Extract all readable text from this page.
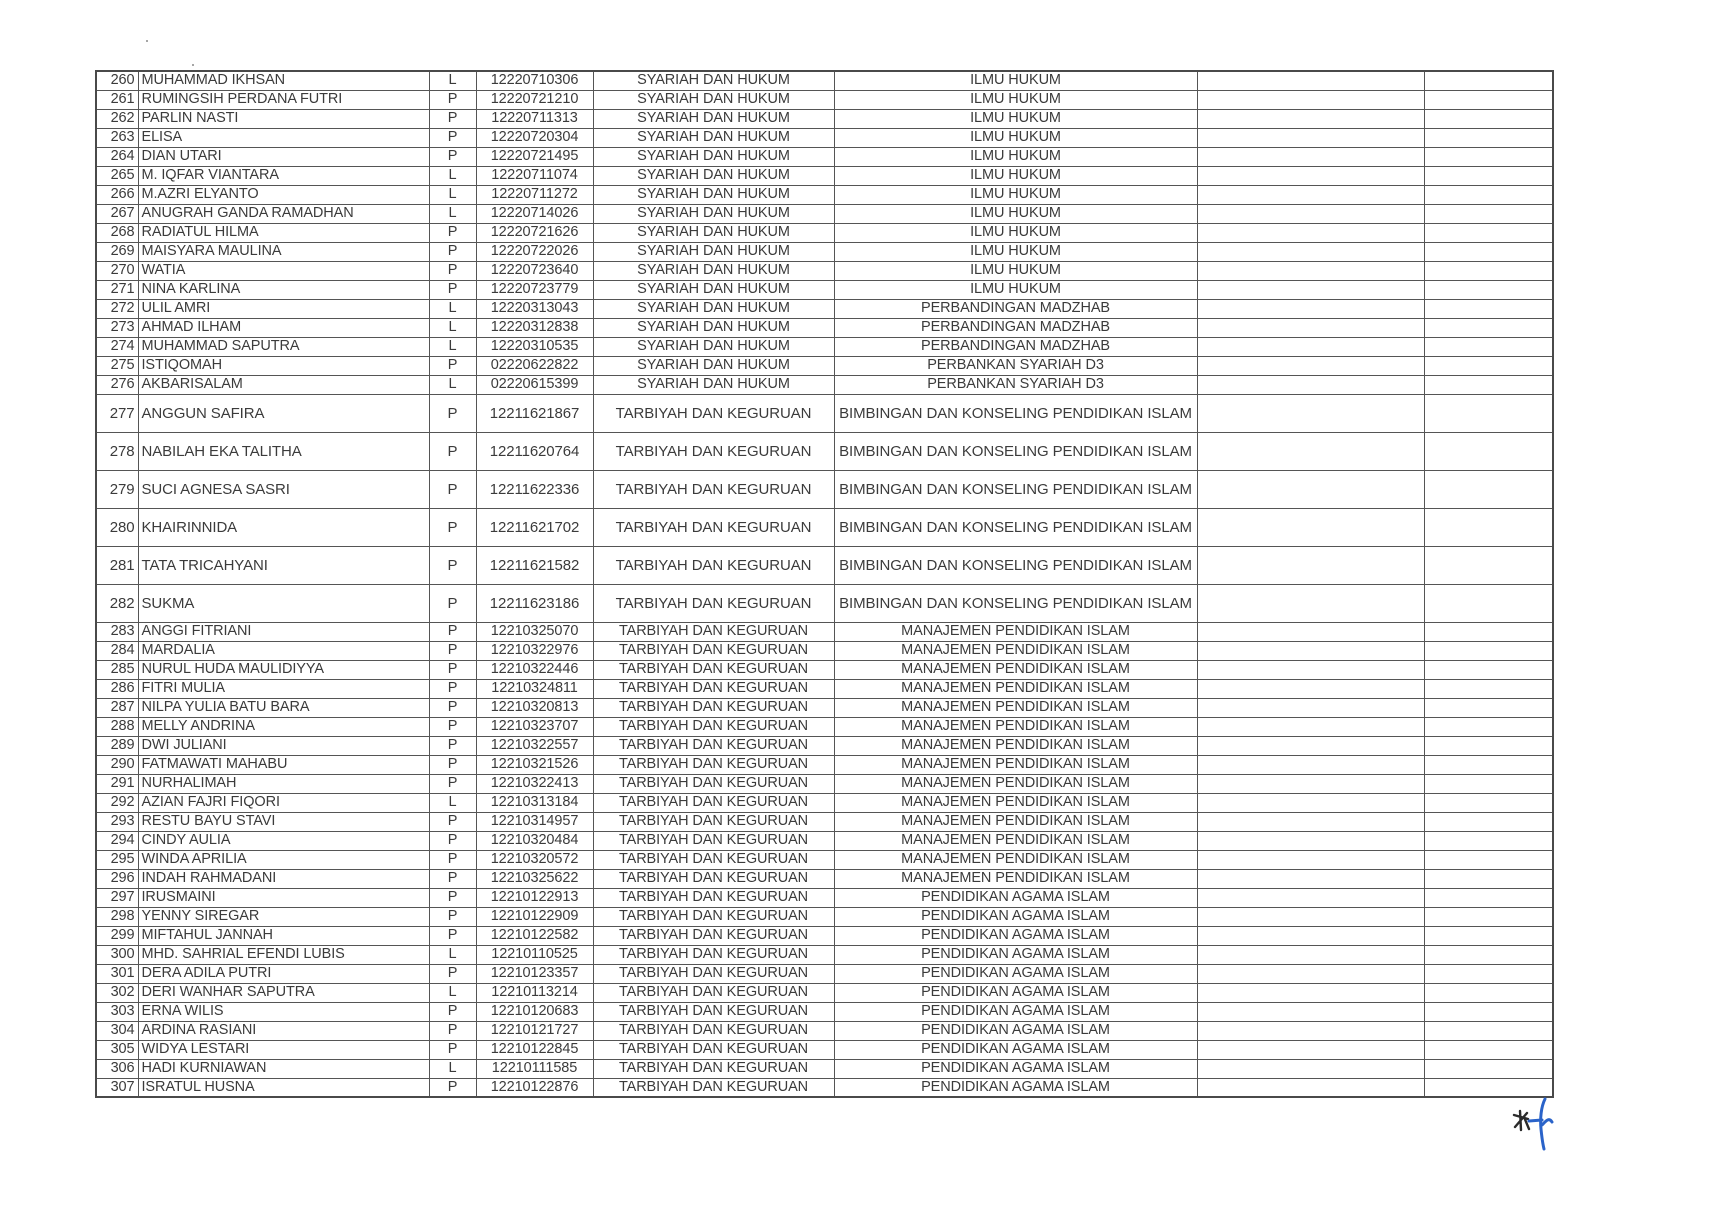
260	MUHAMMAD IKHSAN	L	12220710306	SYARIAH DAN HUKUM	ILMU HUKUM		
261	RUMINGSIH PERDANA FUTRI	P	12220721210	SYARIAH DAN HUKUM	ILMU HUKUM		
262	PARLIN NASTI	P	12220711313	SYARIAH DAN HUKUM	ILMU HUKUM		
263	ELISA	P	12220720304	SYARIAH DAN HUKUM	ILMU HUKUM		
264	DIAN UTARI	P	12220721495	SYARIAH DAN HUKUM	ILMU HUKUM		
265	M. IQFAR VIANTARA	L	12220711074	SYARIAH DAN HUKUM	ILMU HUKUM		
266	M.AZRI ELYANTO	L	12220711272	SYARIAH DAN HUKUM	ILMU HUKUM		
267	ANUGRAH GANDA RAMADHAN	L	12220714026	SYARIAH DAN HUKUM	ILMU HUKUM		
268	RADIATUL HILMA	P	12220721626	SYARIAH DAN HUKUM	ILMU HUKUM		
269	MAISYARA MAULINA	P	12220722026	SYARIAH DAN HUKUM	ILMU HUKUM		
270	WATIA	P	12220723640	SYARIAH DAN HUKUM	ILMU HUKUM		
271	NINA KARLINA	P	12220723779	SYARIAH DAN HUKUM	ILMU HUKUM		
272	ULIL AMRI	L	12220313043	SYARIAH DAN HUKUM	PERBANDINGAN MADZHAB		
273	AHMAD ILHAM	L	12220312838	SYARIAH DAN HUKUM	PERBANDINGAN MADZHAB		
274	MUHAMMAD SAPUTRA	L	12220310535	SYARIAH DAN HUKUM	PERBANDINGAN MADZHAB		
275	ISTIQOMAH	P	02220622822	SYARIAH DAN HUKUM	PERBANKAN SYARIAH D3		
276	AKBARISALAM	L	02220615399	SYARIAH DAN HUKUM	PERBANKAN SYARIAH D3		
277	ANGGUN SAFIRA	P	12211621867	TARBIYAH DAN KEGURUAN	BIMBINGAN DAN KONSELING PENDIDIKAN ISLAM		
278	NABILAH EKA TALITHA	P	12211620764	TARBIYAH DAN KEGURUAN	BIMBINGAN DAN KONSELING PENDIDIKAN ISLAM		
279	SUCI AGNESA SASRI	P	12211622336	TARBIYAH DAN KEGURUAN	BIMBINGAN DAN KONSELING PENDIDIKAN ISLAM		
280	KHAIRINNIDA	P	12211621702	TARBIYAH DAN KEGURUAN	BIMBINGAN DAN KONSELING PENDIDIKAN ISLAM		
281	TATA TRICAHYANI	P	12211621582	TARBIYAH DAN KEGURUAN	BIMBINGAN DAN KONSELING PENDIDIKAN ISLAM		
282	SUKMA	P	12211623186	TARBIYAH DAN KEGURUAN	BIMBINGAN DAN KONSELING PENDIDIKAN ISLAM		
283	ANGGI FITRIANI	P	12210325070	TARBIYAH DAN KEGURUAN	MANAJEMEN PENDIDIKAN ISLAM		
284	MARDALIA	P	12210322976	TARBIYAH DAN KEGURUAN	MANAJEMEN PENDIDIKAN ISLAM		
285	NURUL HUDA MAULIDIYYA	P	12210322446	TARBIYAH DAN KEGURUAN	MANAJEMEN PENDIDIKAN ISLAM		
286	FITRI MULIA	P	12210324811	TARBIYAH DAN KEGURUAN	MANAJEMEN PENDIDIKAN ISLAM		
287	NILPA YULIA BATU BARA	P	12210320813	TARBIYAH DAN KEGURUAN	MANAJEMEN PENDIDIKAN ISLAM		
288	MELLY ANDRINA	P	12210323707	TARBIYAH DAN KEGURUAN	MANAJEMEN PENDIDIKAN ISLAM		
289	DWI JULIANI	P	12210322557	TARBIYAH DAN KEGURUAN	MANAJEMEN PENDIDIKAN ISLAM		
290	FATMAWATI MAHABU	P	12210321526	TARBIYAH DAN KEGURUAN	MANAJEMEN PENDIDIKAN ISLAM		
291	NURHALIMAH	P	12210322413	TARBIYAH DAN KEGURUAN	MANAJEMEN PENDIDIKAN ISLAM		
292	AZIAN FAJRI FIQORI	L	12210313184	TARBIYAH DAN KEGURUAN	MANAJEMEN PENDIDIKAN ISLAM		
293	RESTU BAYU STAVI	P	12210314957	TARBIYAH DAN KEGURUAN	MANAJEMEN PENDIDIKAN ISLAM		
294	CINDY AULIA	P	12210320484	TARBIYAH DAN KEGURUAN	MANAJEMEN PENDIDIKAN ISLAM		
295	WINDA APRILIA	P	12210320572	TARBIYAH DAN KEGURUAN	MANAJEMEN PENDIDIKAN ISLAM		
296	INDAH RAHMADANI	P	12210325622	TARBIYAH DAN KEGURUAN	MANAJEMEN PENDIDIKAN ISLAM		
297	IRUSMAINI	P	12210122913	TARBIYAH DAN KEGURUAN	PENDIDIKAN AGAMA ISLAM		
298	YENNY SIREGAR	P	12210122909	TARBIYAH DAN KEGURUAN	PENDIDIKAN AGAMA ISLAM		
299	MIFTAHUL JANNAH	P	12210122582	TARBIYAH DAN KEGURUAN	PENDIDIKAN AGAMA ISLAM		
300	MHD. SAHRIAL EFENDI LUBIS	L	12210110525	TARBIYAH DAN KEGURUAN	PENDIDIKAN AGAMA ISLAM		
301	DERA ADILA PUTRI	P	12210123357	TARBIYAH DAN KEGURUAN	PENDIDIKAN AGAMA ISLAM		
302	DERI WANHAR SAPUTRA	L	12210113214	TARBIYAH DAN KEGURUAN	PENDIDIKAN AGAMA ISLAM		
303	ERNA WILIS	P	12210120683	TARBIYAH DAN KEGURUAN	PENDIDIKAN AGAMA ISLAM		
304	ARDINA RASIANI	P	12210121727	TARBIYAH DAN KEGURUAN	PENDIDIKAN AGAMA ISLAM		
305	WIDYA LESTARI	P	12210122845	TARBIYAH DAN KEGURUAN	PENDIDIKAN AGAMA ISLAM		
306	HADI KURNIAWAN	L	12210111585	TARBIYAH DAN KEGURUAN	PENDIDIKAN AGAMA ISLAM		
307	ISRATUL HUSNA	P	12210122876	TARBIYAH DAN KEGURUAN	PENDIDIKAN AGAMA ISLAM		
